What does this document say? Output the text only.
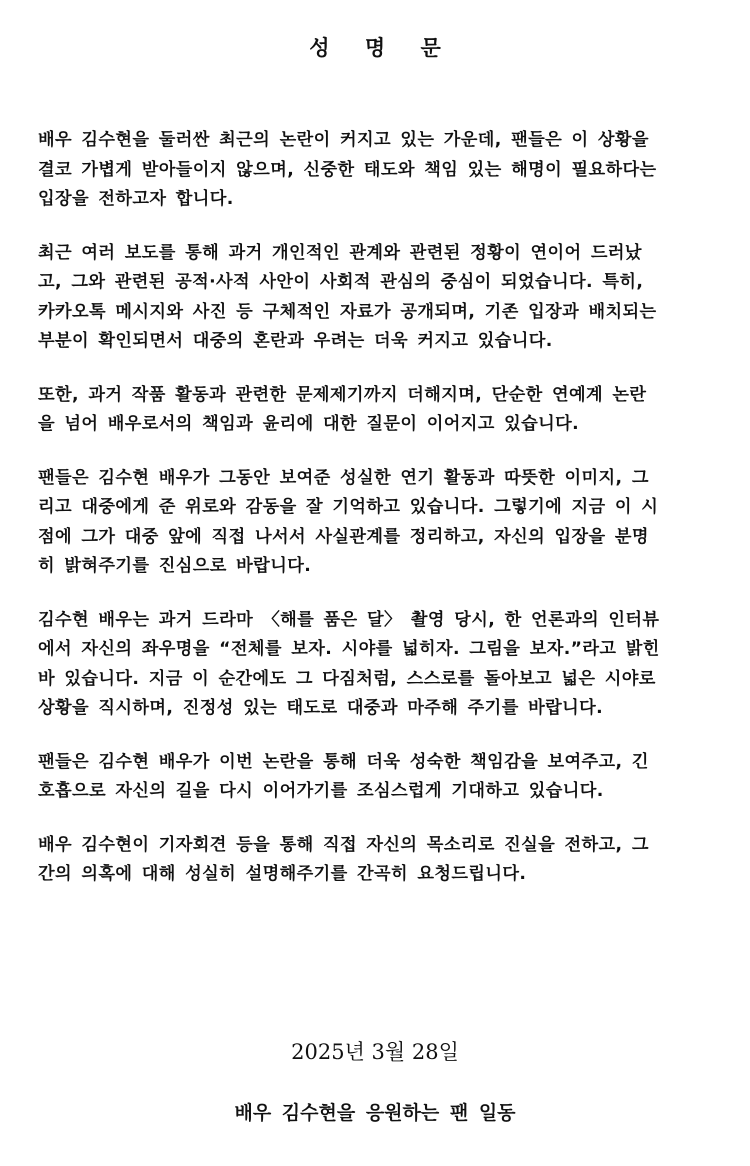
성 명 문

배우 김수현을 둘러싼 최근의 논란이 커지고 있는 가운데, 팬들은 이 상황을
결코 가볍게 받아들이지 않으며, 신중한 태도와 책임 있는 해명이 필요하다는
입장을 전하고자 합니다.

최근 여러 보도를 통해 과거 개인적인 관계와 관련된 정황이 연이어 드러났
고, 그와 관련된 공적·사적 사안이 사회적 관심의 중심이 되었습니다. 특히,
카카오톡 메시지와 사진 등 구체적인 자료가 공개되며, 기존 입장과 배치되는
부분이 확인되면서 대중의 혼란과 우려는 더욱 커지고 있습니다.

또한, 과거 작품 활동과 관련한 문제제기까지 더해지며, 단순한 연예계 논란
을 넘어 배우로서의 책임과 윤리에 대한 질문이 이어지고 있습니다.

팬들은 김수현 배우가 그동안 보여준 성실한 연기 활동과 따뜻한 이미지, 그
리고 대중에게 준 위로와 감동을 잘 기억하고 있습니다. 그렇기에 지금 이 시
점에 그가 대중 앞에 직접 나서서 사실관계를 정리하고, 자신의 입장을 분명
히 밝혀주기를 진심으로 바랍니다.

김수현 배우는 과거 드라마 〈해를 품은 달〉 촬영 당시, 한 언론과의 인터뷰
에서 자신의 좌우명을 “전체를 보자. 시야를 넓히자. 그림을 보자.”라고 밝힌
바 있습니다. 지금 이 순간에도 그 다짐처럼, 스스로를 돌아보고 넓은 시야로
상황을 직시하며, 진정성 있는 태도로 대중과 마주해 주기를 바랍니다.

팬들은 김수현 배우가 이번 논란을 통해 더욱 성숙한 책임감을 보여주고, 긴
호흡으로 자신의 길을 다시 이어가기를 조심스럽게 기대하고 있습니다.

배우 김수현이 기자회견 등을 통해 직접 자신의 목소리로 진실을 전하고, 그
간의 의혹에 대해 성실히 설명해주기를 간곡히 요청드립니다.

2025년 3월 28일
배우 김수현을 응원하는 팬 일동
